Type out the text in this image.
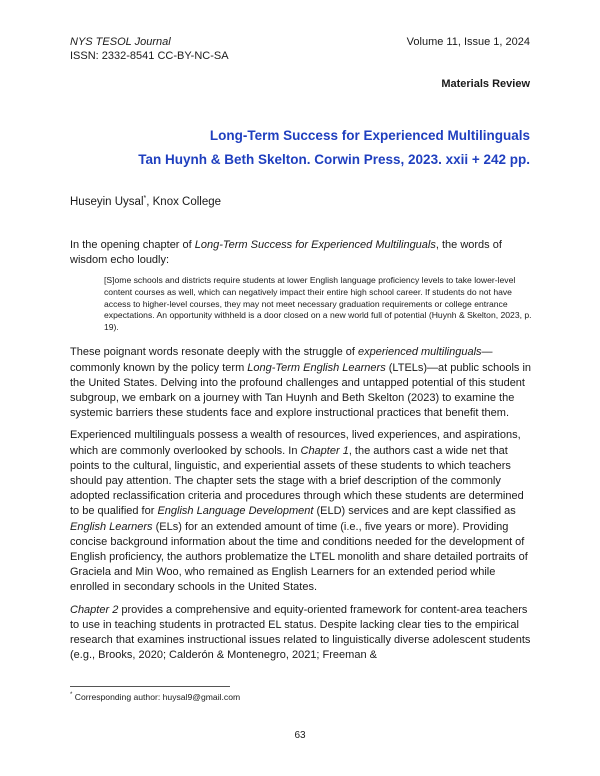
NYS TESOL Journal
ISSN: 2332-8541 CC-BY-NC-SA
Volume 11, Issue 1, 2024
Materials Review
Long-Term Success for Experienced Multilinguals
Tan Huynh & Beth Skelton. Corwin Press, 2023. xxii + 242 pp.
Huseyin Uysal*, Knox College

In the opening chapter of Long-Term Success for Experienced Multilinguals, the words of wisdom echo loudly:

[S]ome schools and districts require students at lower English language proficiency levels to take lower-level content courses as well, which can negatively impact their entire high school career. If students do not have access to higher-level courses, they may not meet necessary graduation requirements or college entrance expectations. An opportunity withheld is a door closed on a new world full of potential (Huynh & Skelton, 2023, p. 19).

These poignant words resonate deeply with the struggle of experienced multilinguals—commonly known by the policy term Long-Term English Learners (LTELs)—at public schools in the United States. Delving into the profound challenges and untapped potential of this student subgroup, we embark on a journey with Tan Huynh and Beth Skelton (2023) to examine the systemic barriers these students face and explore instructional practices that benefit them.

Experienced multilinguals possess a wealth of resources, lived experiences, and aspirations, which are commonly overlooked by schools. In Chapter 1, the authors cast a wide net that points to the cultural, linguistic, and experiential assets of these students to which teachers should pay attention. The chapter sets the stage with a brief description of the commonly adopted reclassification criteria and procedures through which these students are determined to be qualified for English Language Development (ELD) services and are kept classified as English Learners (ELs) for an extended amount of time (i.e., five years or more). Providing concise background information about the time and conditions needed for the development of English proficiency, the authors problematize the LTEL monolith and share detailed portraits of Graciela and Min Woo, who remained as English Learners for an extended period while enrolled in secondary schools in the United States.

Chapter 2 provides a comprehensive and equity-oriented framework for content-area teachers to use in teaching students in protracted EL status. Despite lacking clear ties to the empirical research that examines instructional issues related to linguistically diverse adolescent students (e.g., Brooks, 2020; Calderón & Montenegro, 2021; Freeman &

* Corresponding author: huysal9@gmail.com
63
